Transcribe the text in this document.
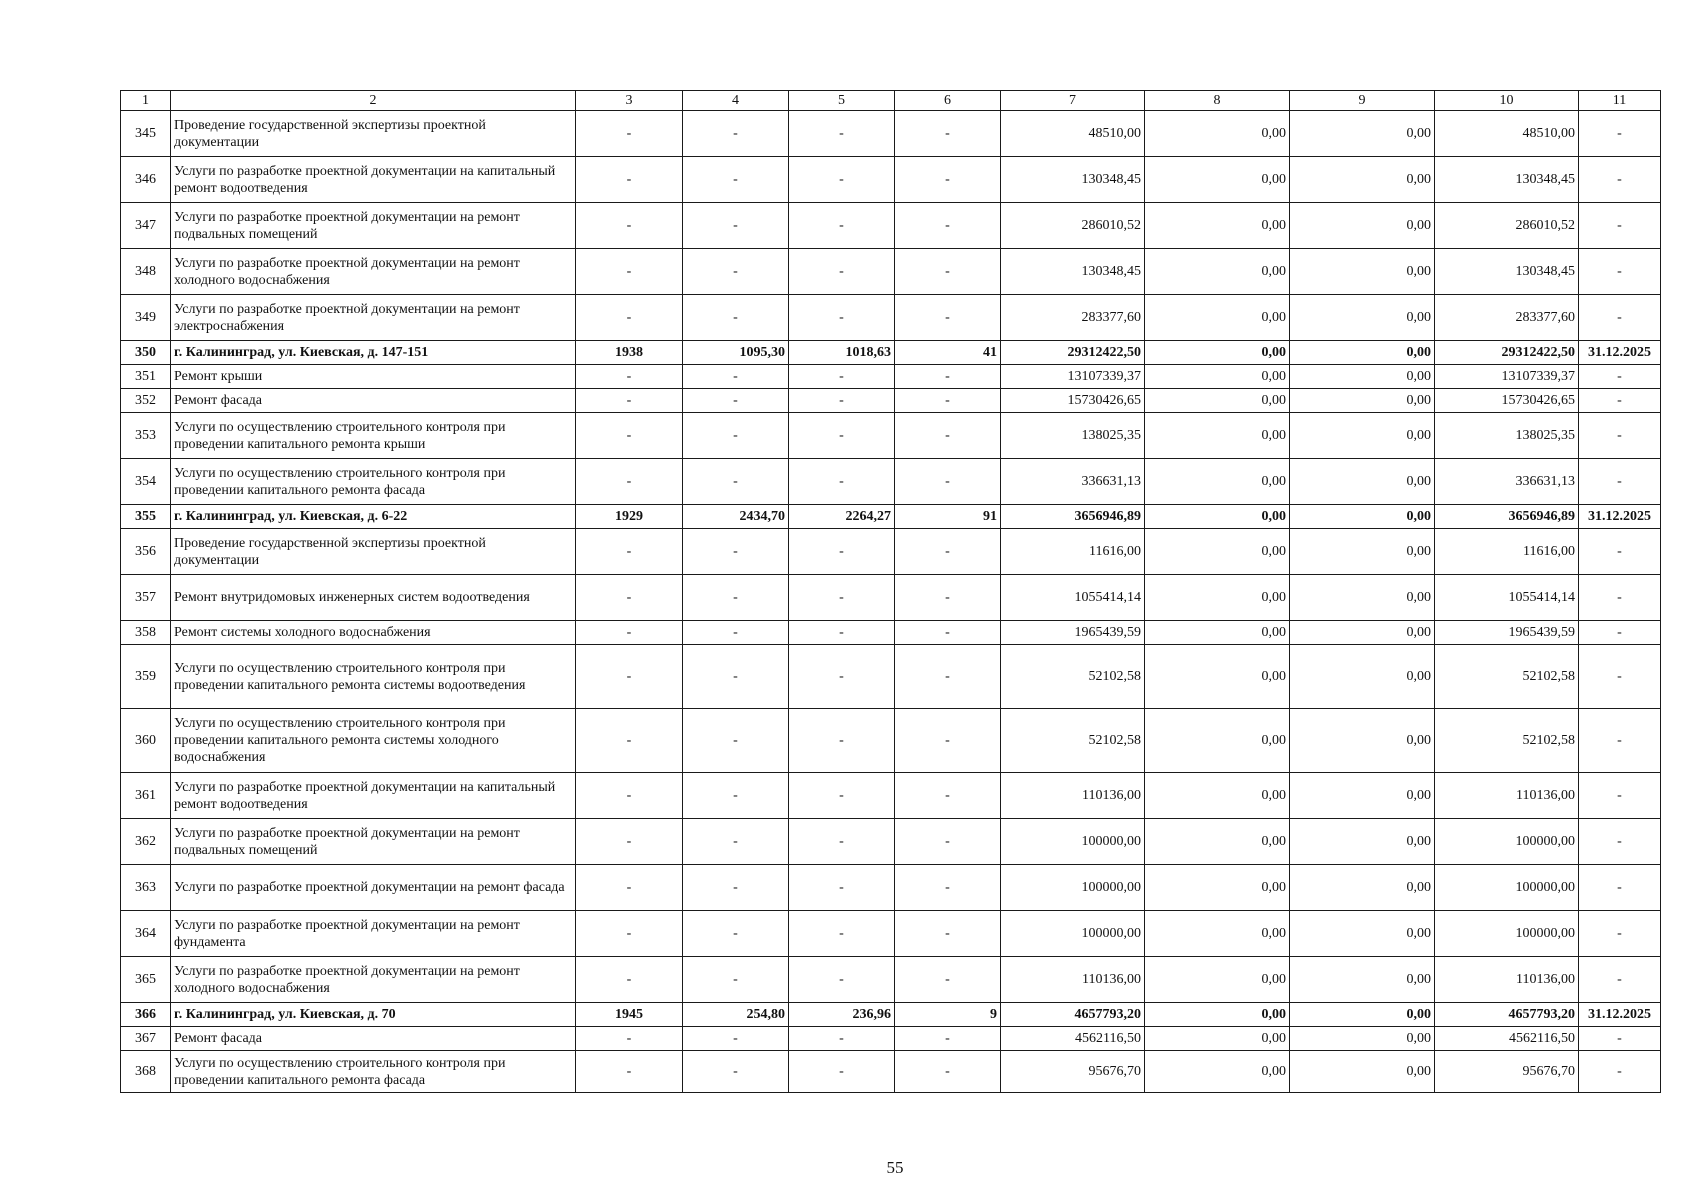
1	2	3	4	5	6	7	8	9	10	11
345	Проведение государственной экспертизы проектной документации	-	-	-	-	48510,00	0,00	0,00	48510,00	-
346	Услуги по разработке проектной документации на капитальный ремонт водоотведения	-	-	-	-	130348,45	0,00	0,00	130348,45	-
347	Услуги по разработке проектной документации на ремонт подвальных помещений	-	-	-	-	286010,52	0,00	0,00	286010,52	-
348	Услуги по разработке проектной документации на ремонт холодного водоснабжения	-	-	-	-	130348,45	0,00	0,00	130348,45	-
349	Услуги по разработке проектной документации на ремонт электроснабжения	-	-	-	-	283377,60	0,00	0,00	283377,60	-
350	г. Калининград, ул. Киевская, д. 147-151	1938	1095,30	1018,63	41	29312422,50	0,00	0,00	29312422,50	31.12.2025
351	Ремонт крыши	-	-	-	-	13107339,37	0,00	0,00	13107339,37	-
352	Ремонт фасада	-	-	-	-	15730426,65	0,00	0,00	15730426,65	-
353	Услуги по осуществлению строительного контроля при проведении капитального ремонта крыши	-	-	-	-	138025,35	0,00	0,00	138025,35	-
354	Услуги по осуществлению строительного контроля при проведении капитального ремонта фасада	-	-	-	-	336631,13	0,00	0,00	336631,13	-
355	г. Калининград, ул. Киевская, д. 6-22	1929	2434,70	2264,27	91	3656946,89	0,00	0,00	3656946,89	31.12.2025
356	Проведение государственной экспертизы проектной документации	-	-	-	-	11616,00	0,00	0,00	11616,00	-
357	Ремонт внутридомовых инженерных систем водоотведения	-	-	-	-	1055414,14	0,00	0,00	1055414,14	-
358	Ремонт системы холодного водоснабжения	-	-	-	-	1965439,59	0,00	0,00	1965439,59	-
359	Услуги по осуществлению строительного контроля при проведении капитального ремонта системы водоотведения	-	-	-	-	52102,58	0,00	0,00	52102,58	-
360	Услуги по осуществлению строительного контроля при проведении капитального ремонта системы холодного водоснабжения	-	-	-	-	52102,58	0,00	0,00	52102,58	-
361	Услуги по разработке проектной документации на капитальный ремонт водоотведения	-	-	-	-	110136,00	0,00	0,00	110136,00	-
362	Услуги по разработке проектной документации на ремонт подвальных помещений	-	-	-	-	100000,00	0,00	0,00	100000,00	-
363	Услуги по разработке проектной документации на ремонт фасада	-	-	-	-	100000,00	0,00	0,00	100000,00	-
364	Услуги по разработке проектной документации на ремонт фундамента	-	-	-	-	100000,00	0,00	0,00	100000,00	-
365	Услуги по разработке проектной документации на ремонт холодного водоснабжения	-	-	-	-	110136,00	0,00	0,00	110136,00	-
366	г. Калининград, ул. Киевская, д. 70	1945	254,80	236,96	9	4657793,20	0,00	0,00	4657793,20	31.12.2025
367	Ремонт фасада	-	-	-	-	4562116,50	0,00	0,00	4562116,50	-
368	Услуги по осуществлению строительного контроля при проведении капитального ремонта фасада	-	-	-	-	95676,70	0,00	0,00	95676,70	-
55
